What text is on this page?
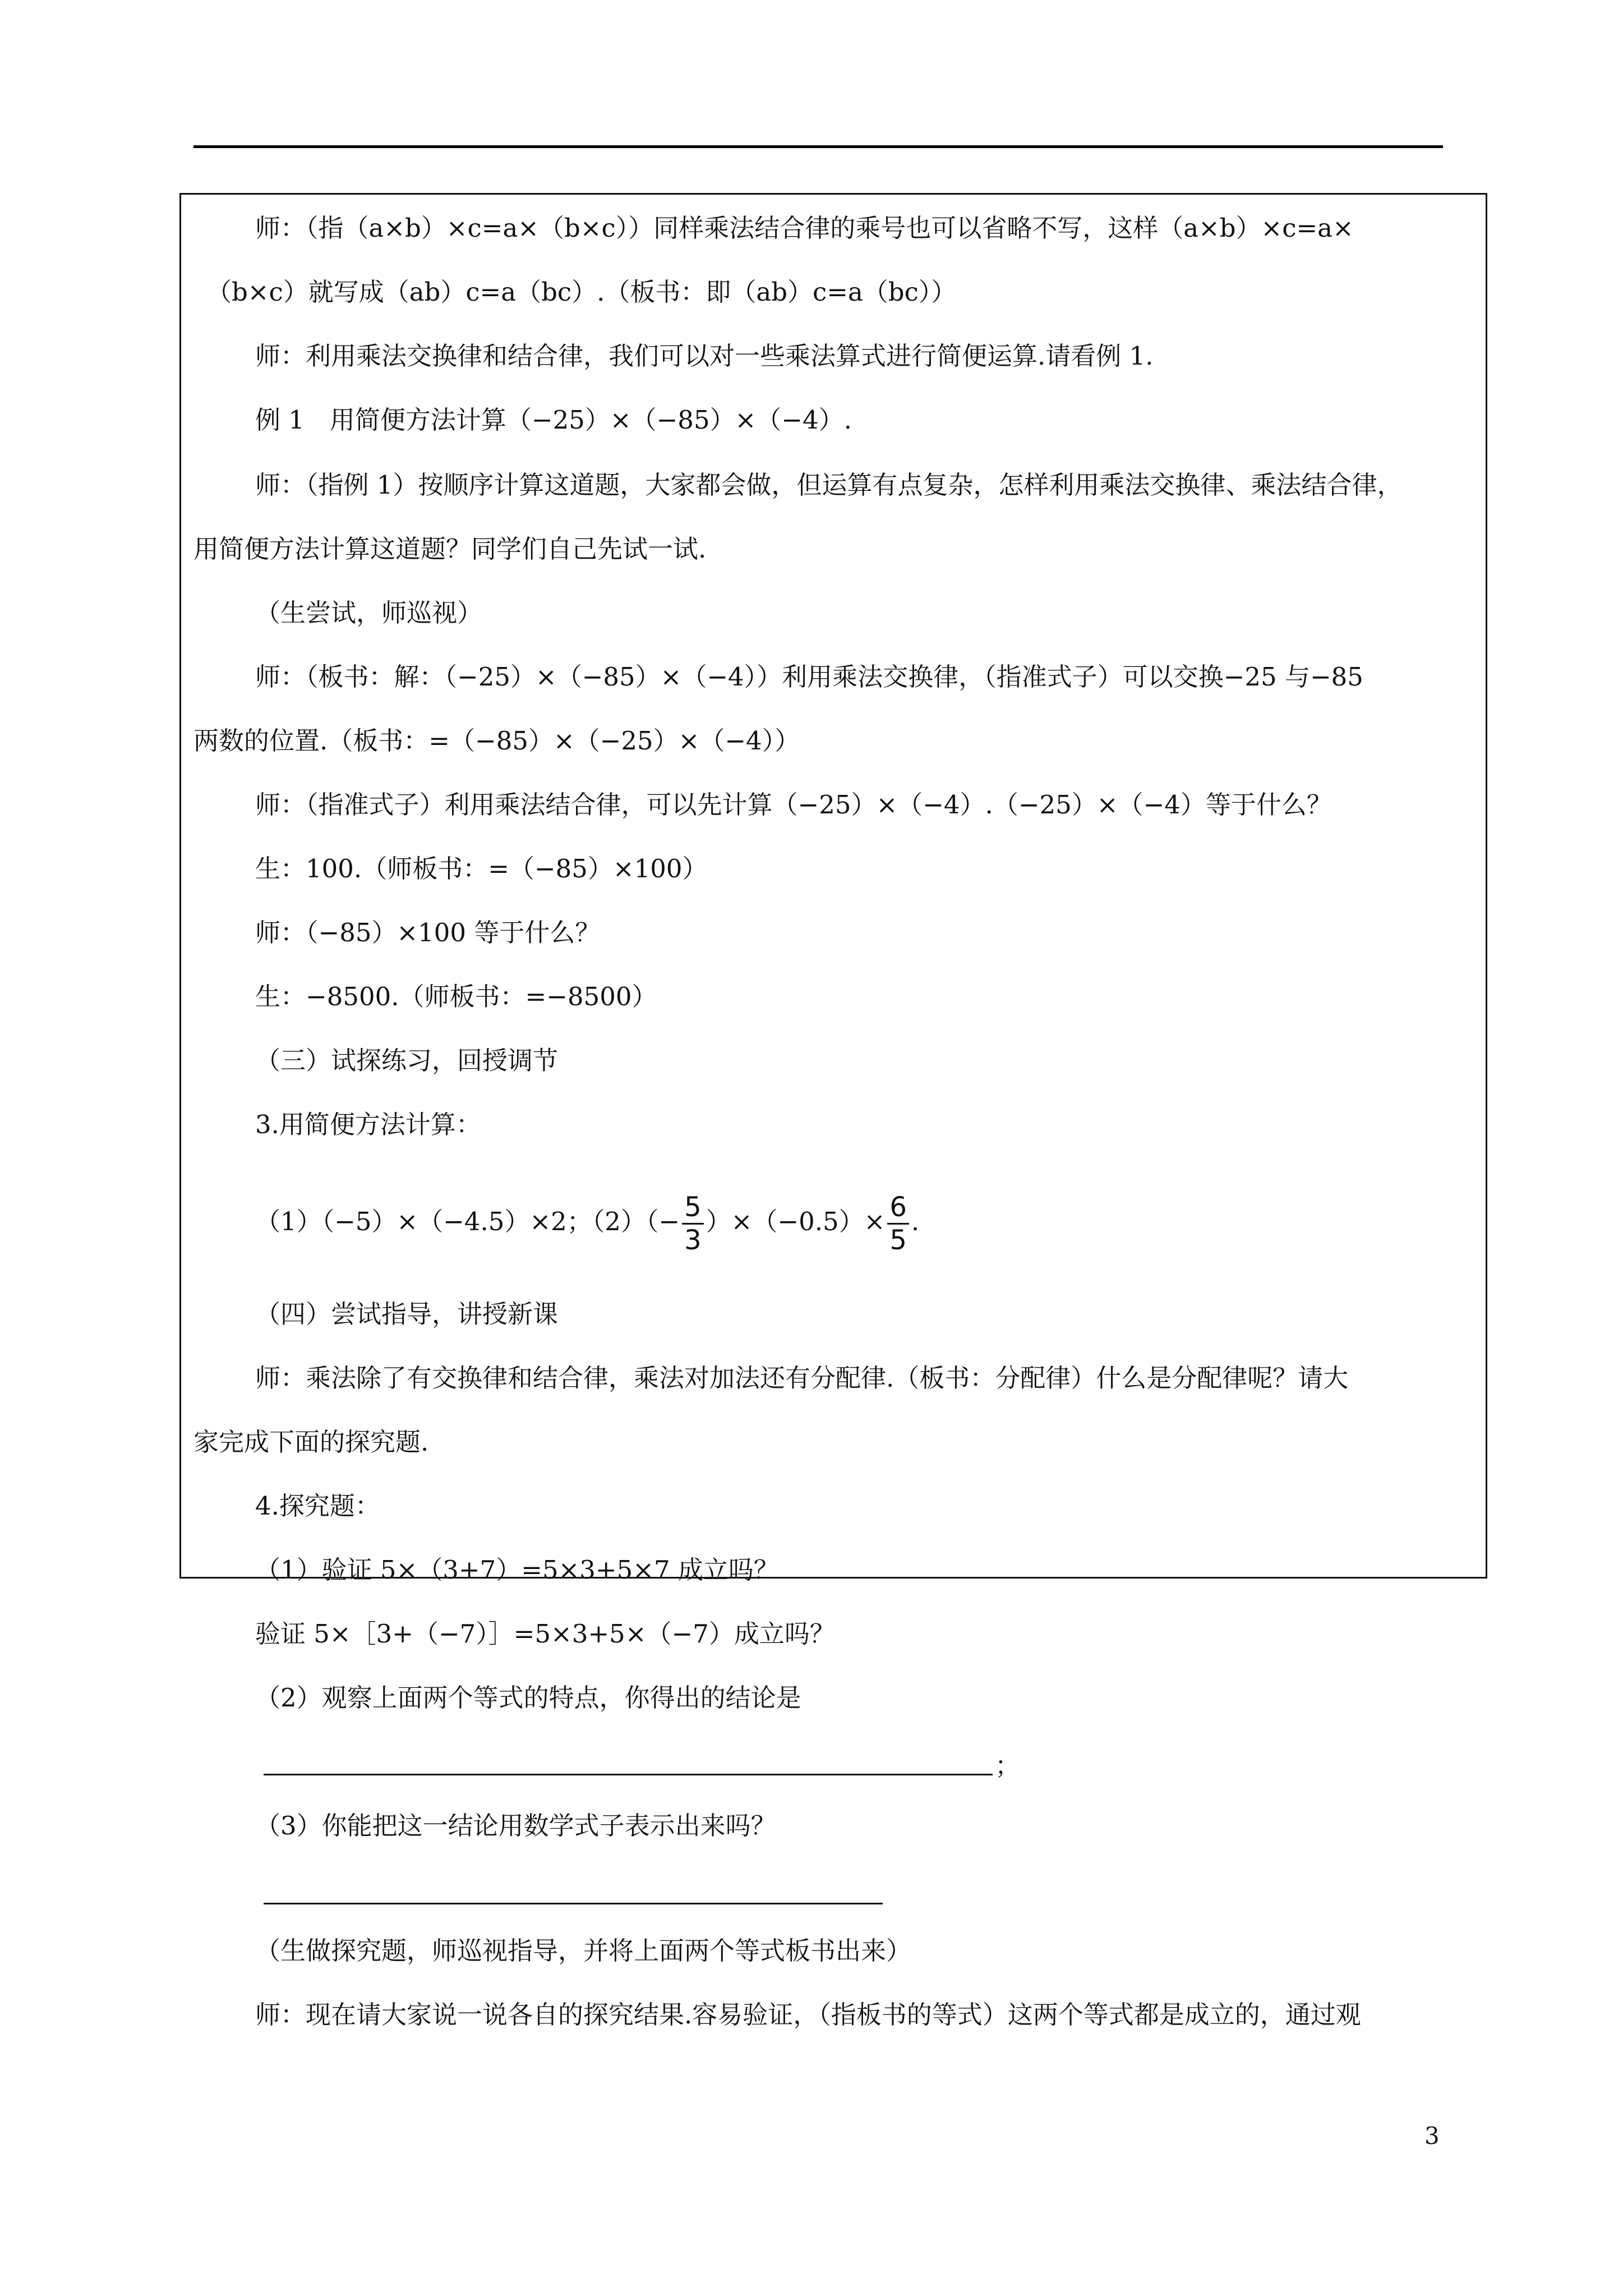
师：（指（a×b）×c=a×（b×c））同样乘法结合律的乘号也可以省略不写，这样（a×b）×c=a×
（b×c）就写成（ab）c=a（bc）.（板书：即（ab）c=a（bc））
师：利用乘法交换律和结合律，我们可以对一些乘法算式进行简便运算.请看例 1.
例 1　用简便方法计算（−25）×（−85）×（−4）.
师：（指例 1）按顺序计算这道题，大家都会做，但运算有点复杂，怎样利用乘法交换律、乘法结合律，
用简便方法计算这道题？同学们自己先试一试.
（生尝试，师巡视）
师：（板书：解：（−25）×（−85）×（−4））利用乘法交换律，（指准式子）可以交换−25 与−85
两数的位置.（板书：=（−85）×（−25）×（−4））
师：（指准式子）利用乘法结合律，可以先计算（−25）×（−4）.（−25）×（−4）等于什么？
生：100.（师板书：=（−85）×100）
师：（−85）×100 等于什么？
生：−8500.（师板书：=−8500）
（三）试探练习，回授调节
3.用简便方法计算：
（1）（−5）×（−4.5）×2；$(2)(- \frac{5}{3} )\times(-0.5)\times \frac{6}{5}$ .
（四）尝试指导，讲授新课
师：乘法除了有交换律和结合律，乘法对加法还有分配律.（板书：分配律）什么是分配律呢？请大
家完成下面的探究题.
4.探究题：
（1）验证 5×（3+7）=5×3+5×7 成立吗？
验证 5×［3+（−7）］=5×3+5×（−7）成立吗？
（2）观察上面两个等式的特点，你得出的结论是
；
（3）你能把这一结论用数学式子表示出来吗？
（生做探究题，师巡视指导，并将上面两个等式板书出来）
师：现在请大家说一说各自的探究结果.容易验证，（指板书的等式）这两个等式都是成立的，通过观
3
